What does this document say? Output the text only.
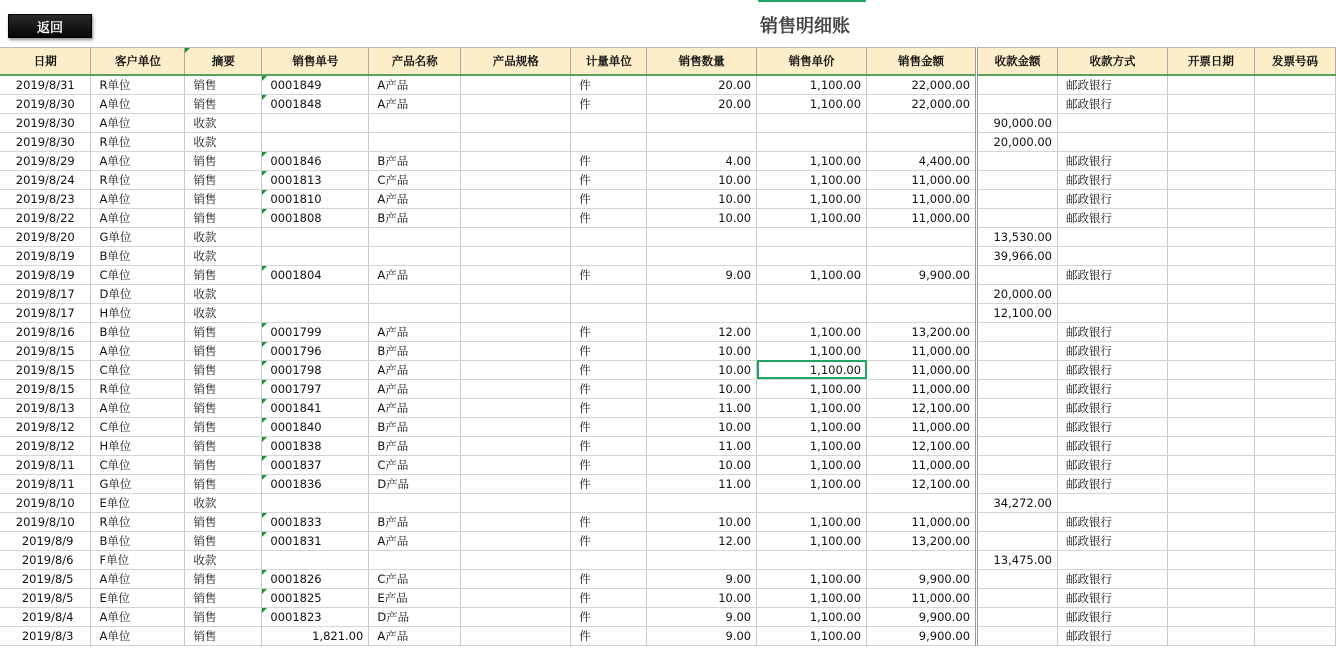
返回	销售明细账
日期	客户单位	摘要	销售单号	产品名称	产品规格	计量单位	销售数量	销售单价	销售金额	收款金额	收款方式	开票日期	发票号码
2019/8/31	R单位	销售	0001849	A产品		件	20.00	1,100.00	22,000.00		邮政银行		
2019/8/30	A单位	销售	0001848	A产品		件	20.00	1,100.00	22,000.00		邮政银行		
2019/8/30	A单位	收款								90,000.00			
2019/8/30	R单位	收款								20,000.00			
2019/8/29	A单位	销售	0001846	B产品		件	4.00	1,100.00	4,400.00		邮政银行		
2019/8/24	R单位	销售	0001813	C产品		件	10.00	1,100.00	11,000.00		邮政银行		
2019/8/23	A单位	销售	0001810	A产品		件	10.00	1,100.00	11,000.00		邮政银行		
2019/8/22	A单位	销售	0001808	B产品		件	10.00	1,100.00	11,000.00		邮政银行		
2019/8/20	G单位	收款								13,530.00			
2019/8/19	B单位	收款								39,966.00			
2019/8/19	C单位	销售	0001804	A产品		件	9.00	1,100.00	9,900.00		邮政银行		
2019/8/17	D单位	收款								20,000.00			
2019/8/17	H单位	收款								12,100.00			
2019/8/16	B单位	销售	0001799	A产品		件	12.00	1,100.00	13,200.00		邮政银行		
2019/8/15	A单位	销售	0001796	B产品		件	10.00	1,100.00	11,000.00		邮政银行		
2019/8/15	C单位	销售	0001798	A产品		件	10.00	1,100.00	11,000.00		邮政银行		
2019/8/15	R单位	销售	0001797	A产品		件	10.00	1,100.00	11,000.00		邮政银行		
2019/8/13	A单位	销售	0001841	A产品		件	11.00	1,100.00	12,100.00		邮政银行		
2019/8/12	C单位	销售	0001840	B产品		件	10.00	1,100.00	11,000.00		邮政银行		
2019/8/12	H单位	销售	0001838	B产品		件	11.00	1,100.00	12,100.00		邮政银行		
2019/8/11	C单位	销售	0001837	C产品		件	10.00	1,100.00	11,000.00		邮政银行		
2019/8/11	G单位	销售	0001836	D产品		件	11.00	1,100.00	12,100.00		邮政银行		
2019/8/10	E单位	收款								34,272.00			
2019/8/10	R单位	销售	0001833	B产品		件	10.00	1,100.00	11,000.00		邮政银行		
2019/8/9	B单位	销售	0001831	A产品		件	12.00	1,100.00	13,200.00		邮政银行		
2019/8/6	F单位	收款								13,475.00			
2019/8/5	A单位	销售	0001826	C产品		件	9.00	1,100.00	9,900.00		邮政银行		
2019/8/5	E单位	销售	0001825	E产品		件	10.00	1,100.00	11,000.00		邮政银行		
2019/8/4	A单位	销售	0001823	D产品		件	9.00	1,100.00	9,900.00		邮政银行		
2019/8/3	A单位	销售	1,821.00	A产品		件	9.00	1,100.00	9,900.00		邮政银行		
